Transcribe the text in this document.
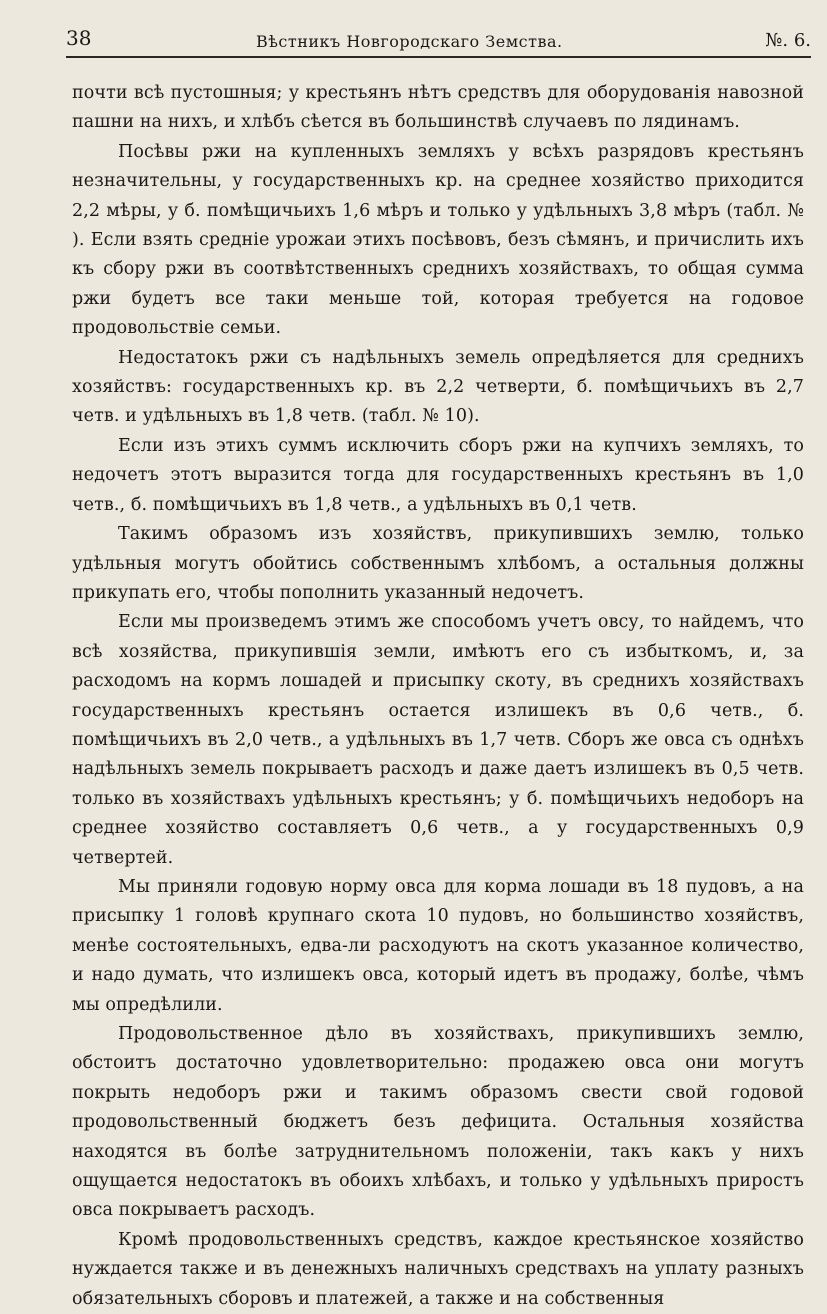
38	Вѣстникъ Новгородскаго Земства.	№. 6.

почти всѣ пустошныя; у крестьянъ нѣтъ средствъ для оборудованiя навозной пашни на нихъ, и хлѣбъ сѣется въ большинствѣ случаевъ по лядинамъ.

Посѣвы ржи на купленныхъ земляхъ у всѣхъ разрядовъ крестьянъ незначительны, у государственныхъ кр. на среднее хозяйство приходится 2,2 мѣры, у б. помѣщичьихъ 1,6 мѣръ и только у удѣльныхъ 3,8 мѣръ (табл. № ). Если взять среднiе урожаи этихъ посѣвовъ, безъ сѣмянъ, и причислить ихъ къ сбору ржи въ соотвѣтственныхъ среднихъ хозяйствахъ, то общая сумма ржи будетъ все таки меньше той, которая требуется на годовое продовольствiе семьи.

Недостатокъ ржи съ надѣльныхъ земель опредѣляется для среднихъ хозяйствъ: государственныхъ кр. въ 2,2 четверти, б. помѣщичьихъ въ 2,7 четв. и удѣльныхъ въ 1,8 четв. (табл. № 10).

Если изъ этихъ суммъ исключить сборъ ржи на купчихъ земляхъ, то недочетъ этотъ выразится тогда для государственныхъ крестьянъ въ 1,0 четв., б. помѣщичьихъ въ 1,8 четв., а удѣльныхъ въ 0,1 четв.

Такимъ образомъ изъ хозяйствъ, прикупившихъ землю, только удѣльныя могутъ обойтись собственнымъ хлѣбомъ, а остальныя должны прикупать его, чтобы пополнить указанный недочетъ.

Если мы произведемъ этимъ же способомъ учетъ овсу, то найдемъ, что всѣ хозяйства, прикупившiя земли, имѣютъ его съ избыткомъ, и, за расходомъ на кормъ лошадей и присыпку скоту, въ среднихъ хозяйствахъ государственныхъ крестьянъ остается излишекъ въ 0,6 четв., б. помѣщичьихъ въ 2,0 четв., а удѣльныхъ въ 1,7 четв. Сборъ же овса съ однѣхъ надѣльныхъ земель покрываетъ расходъ и даже даетъ излишекъ въ 0,5 четв. только въ хозяйствахъ удѣльныхъ крестьянъ; у б. помѣщичьихъ недоборъ на среднее хозяйство составляетъ 0,6 четв., а у государственныхъ 0,9 четвертей.

Мы приняли годовую норму овса для корма лошади въ 18 пудовъ, а на присыпку 1 головѣ крупнаго скота 10 пудовъ, но большинство хозяйствъ, менѣе состоятельныхъ, едва-ли расходуютъ на скотъ указанное количество, и надо думать, что излишекъ овса, который идетъ въ продажу, болѣе, чѣмъ мы опредѣлили.

Продовольственное дѣло въ хозяйствахъ, прикупившихъ землю, обстоитъ достаточно удовлетворительно: продажею овса они могутъ покрыть недоборъ ржи и такимъ образомъ свести свой годовой продовольственный бюджетъ безъ дефицита. Остальныя хозяйства находятся въ болѣе затруднительномъ положенiи, такъ какъ у нихъ ощущается недостатокъ въ обоихъ хлѣбахъ, и только у удѣльныхъ приростъ овса покрываетъ расходъ.

Кромѣ продовольственныхъ средствъ, каждое крестьянское хозяйство нуждается также и въ денежныхъ наличныхъ средствахъ на уплату разныхъ обязательныхъ сборовъ и платежей, а также и на собственныя
